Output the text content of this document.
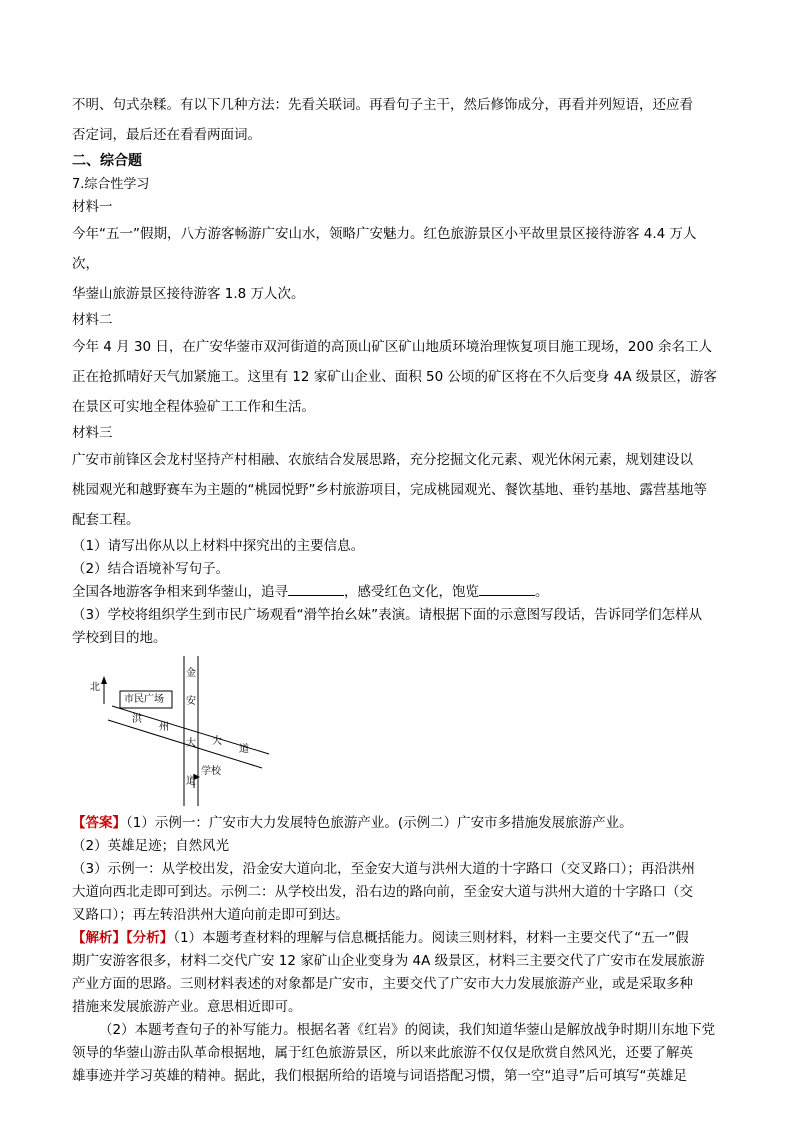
不明、句式杂糅。有以下几种方法：先看关联词。再看句子主干，然后修饰成分，再看并列短语，还应看

否定词，最后还在看看两面词。

二、综合题

7.综合性学习

材料一

今年“五一”假期，八方游客畅游广安山水，领略广安魅力。红色旅游景区小平故里景区接待游客 4.4 万人次，

华蓥山旅游景区接待游客 1.8 万人次。

材料二

今年 4 月 30 日，在广安华蓥市双河街道的高顶山矿区矿山地质环境治理恢复项目施工现场，200 余名工人

正在抢抓晴好天气加紧施工。这里有 12 家矿山企业、面积 50 公顷的矿区将在不久后变身 4A 级景区，游客

在景区可实地全程体验矿工工作和生活。

材料三

广安市前锋区会龙村坚持产村相融、农旅结合发展思路，充分挖掘文化元素、观光休闲元素，规划建设以

桃园观光和越野赛车为主题的“桃园悦野”乡村旅游项目，完成桃园观光、餐饮基地、垂钓基地、露营基地等

配套工程。

（1）请写出你从以上材料中探究出的主要信息。

（2）结合语境补写句子。

全国各地游客争相来到华蓥山，追寻	，感受红色文化，饱览	。

（3）学校将组织学生到市民广场观看“滑竿抬幺妹”表演。请根据下面的示意图写段话，告诉同学们怎样从

学校到目的地。

北
市民广场
洪
州
大
道
金
安
大
道
学校

【答案】（1）示例一：广安市大力发展特色旅游产业。(示例二）广安市多措施发展旅游产业。

（2）英雄足迹；自然风光

（3）示例一：从学校出发，沿金安大道向北，至金安大道与洪州大道的十字路口（交叉路口）；再沿洪州

大道向西北走即可到达。示例二：从学校出发，沿右边的路向前，至金安大道与洪州大道的十字路口（交

叉路口）；再左转沿洪州大道向前走即可到达。

【解析】【分析】（1）本题考查材料的理解与信息概括能力。阅读三则材料，材料一主要交代了“五一”假

期广安游客很多，材料二交代广安 12 家矿山企业变身为 4A 级景区，材料三主要交代了广安市在发展旅游

产业方面的思路。三则材料表述的对象都是广安市，主要交代了广安市大力发展旅游产业，或是采取多种

措施来发展旅游产业。意思相近即可。

（2）本题考查句子的补写能力。根据名著《红岩》的阅读，我们知道华蓥山是解放战争时期川东地下党

领导的华蓥山游击队革命根据地，属于红色旅游景区，所以来此旅游不仅仅是欣赏自然风光，还要了解英

雄事迹并学习英雄的精神。据此，我们根据所给的语境与词语搭配习惯，第一空“追寻”后可填写“英雄足
